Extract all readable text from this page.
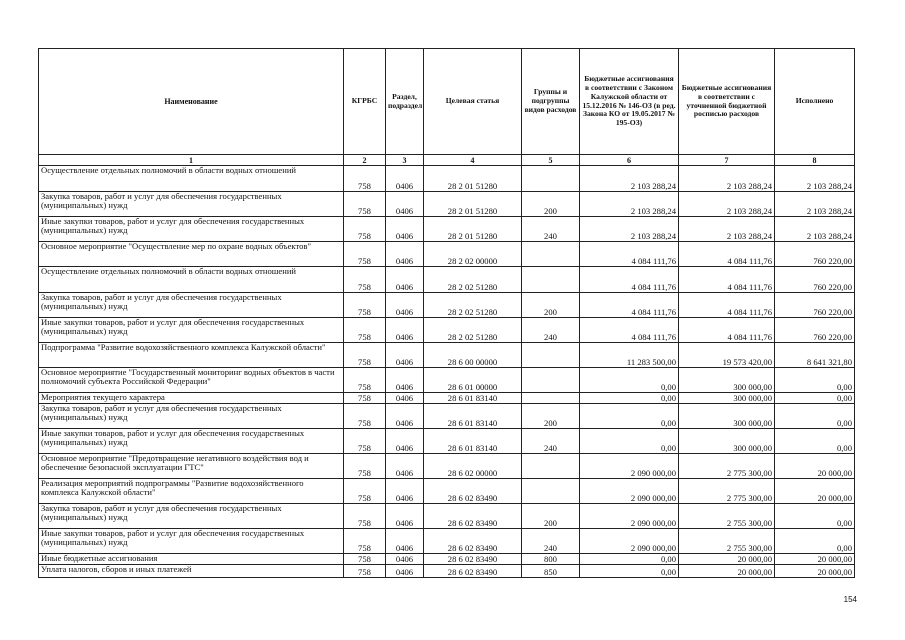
Наименование	КГРБС	Раздел, подраздел	Целевая статья	Группы и подгруппы видов расходов	Бюджетные ассигнования в соответствии с Законом Калужской области от 15.12.2016 № 146-ОЗ (в ред. Закона КО от 19.05.2017 № 195-ОЗ)	Бюджетные ассигнования в соответствии с уточненной бюджетной росписью расходов	Исполнено
1	2	3	4	5	6	7	8
Осуществление отдельных полномочий в области водных отношений	758	0406	28 2 01 51280		2 103 288,24	2 103 288,24	2 103 288,24
Закупка товаров, работ и услуг для обеспечения государственных (муниципальных) нужд	758	0406	28 2 01 51280	200	2 103 288,24	2 103 288,24	2 103 288,24
Иные закупки товаров, работ и услуг для обеспечения государственных (муниципальных) нужд	758	0406	28 2 01 51280	240	2 103 288,24	2 103 288,24	2 103 288,24
Основное мероприятие "Осуществление мер по охране водных объектов"	758	0406	28 2 02 00000		4 084 111,76	4 084 111,76	760 220,00
Осуществление отдельных полномочий в области водных отношений	758	0406	28 2 02 51280		4 084 111,76	4 084 111,76	760 220,00
Закупка товаров, работ и услуг для обеспечения государственных (муниципальных) нужд	758	0406	28 2 02 51280	200	4 084 111,76	4 084 111,76	760 220,00
Иные закупки товаров, работ и услуг для обеспечения государственных (муниципальных) нужд	758	0406	28 2 02 51280	240	4 084 111,76	4 084 111,76	760 220,00
Подпрограмма "Развитие водохозяйственного комплекса Калужской области"	758	0406	28 6 00 00000		11 283 500,00	19 573 420,00	8 641 321,80
Основное мероприятие "Государственный мониторинг водных объектов в части полномочий субъекта Российской Федерации"	758	0406	28 6 01 00000		0,00	300 000,00	0,00
Мероприятия текущего характера	758	0406	28 6 01 83140		0,00	300 000,00	0,00
Закупка товаров, работ и услуг для обеспечения государственных (муниципальных) нужд	758	0406	28 6 01 83140	200	0,00	300 000,00	0,00
Иные закупки товаров, работ и услуг для обеспечения государственных (муниципальных) нужд	758	0406	28 6 01 83140	240	0,00	300 000,00	0,00
Основное мероприятие "Предотвращение негативного воздействия вод и обеспечение безопасной эксплуатации ГТС"	758	0406	28 6 02 00000		2 090 000,00	2 775 300,00	20 000,00
Реализация мероприятий подпрограммы "Развитие водохозяйственного комплекса Калужской области"	758	0406	28 6 02 83490		2 090 000,00	2 775 300,00	20 000,00
Закупка товаров, работ и услуг для обеспечения государственных (муниципальных) нужд	758	0406	28 6 02 83490	200	2 090 000,00	2 755 300,00	0,00
Иные закупки товаров, работ и услуг для обеспечения государственных (муниципальных) нужд	758	0406	28 6 02 83490	240	2 090 000,00	2 755 300,00	0,00
Иные бюджетные ассигнования	758	0406	28 6 02 83490	800	0,00	20 000,00	20 000,00
Уплата налогов, сборов и иных платежей	758	0406	28 6 02 83490	850	0,00	20 000,00	20 000,00
154
